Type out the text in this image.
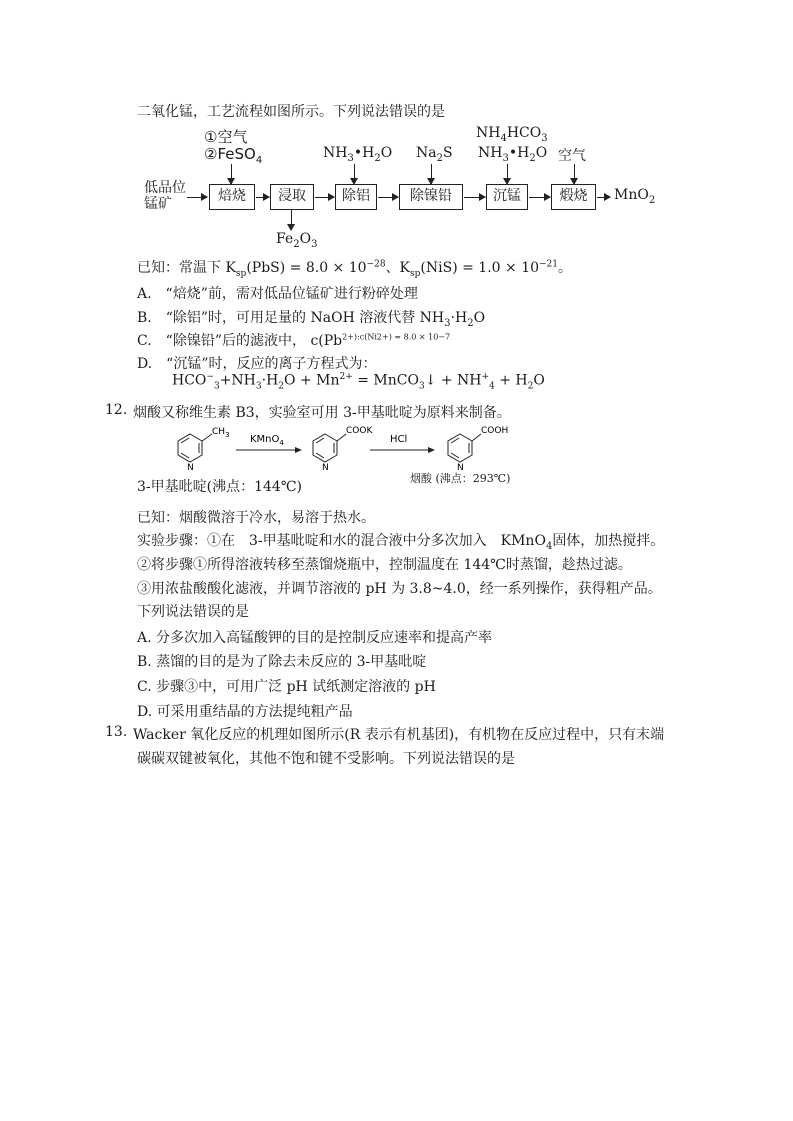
二氧化锰，工艺流程如图所示。下列说法错误的是
①空气
②FeSO$_4$	$NH_3•H_2O$ $Na_2S$
$NH_4HCO_3$
$NH_3•H_2O$ 空气
低品位
锰矿	焙烧	浸取	除铝	除镍铅	沉锰	煅烧	MnO$_2$
$Fe_2O_3$
已知：常温下 $K_{sp}(PbS) = 8.0 \times 10^{-28}$、$K_{sp}(NiS) = 1.0 \times 10^{-21}$。
A.　“焙烧”前，需对低品位锰矿进行粉碎处理
B.　“除铝”时，可用足量的 NaOH 溶液代替 $NH_3\cdot H_2O$
C.　“除镍铅”后的滤液中， $c(Pb^{2+):c(Ni2+) = 8.0 \times 10-7}$
D.　“沉锰”时，反应的离子方程式为：
$HCO^-_3+NH_3\cdot H_2O + Mn^{2+}$ = MnCO$_3$↓ + $NH^+_4 + H_2O$
12. 烟酸又称维生素 B3，实验室可用 3-甲基吡啶为原料来制备。
N
$CH_3$ KMnO$_4$
N
COOK
HCl
N
COOH
3-甲基吡啶(沸点：144℃)
烟酸 (沸点：293℃)
已知：烟酸微溶于冷水，易溶于热水。
实验步骤：①在　3-甲基吡啶和水的混合液中分多次加入　KMnO$_4$固体，加热搅拌。
②将步骤①所得溶液转移至蒸馏烧瓶中，控制温度在 144℃时蒸馏，趁热过滤。
③用浓盐酸酸化滤液，并调节溶液的 pH 为 3.8~4.0，经一系列操作，获得粗产品。
下列说法错误的是
A. 分多次加入高锰酸钾的目的是控制反应速率和提高产率
B. 蒸馏的目的是为了除去未反应的 3-甲基吡啶
C. 步骤③中，可用广泛 pH 试纸测定溶液的 pH
D. 可采用重结晶的方法提纯粗产品
13. Wacker 氧化反应的机理如图所示(R 表示有机基团)，有机物在反应过程中，只有末端
碳碳双键被氧化，其他不饱和键不受影响。下列说法错误的是
